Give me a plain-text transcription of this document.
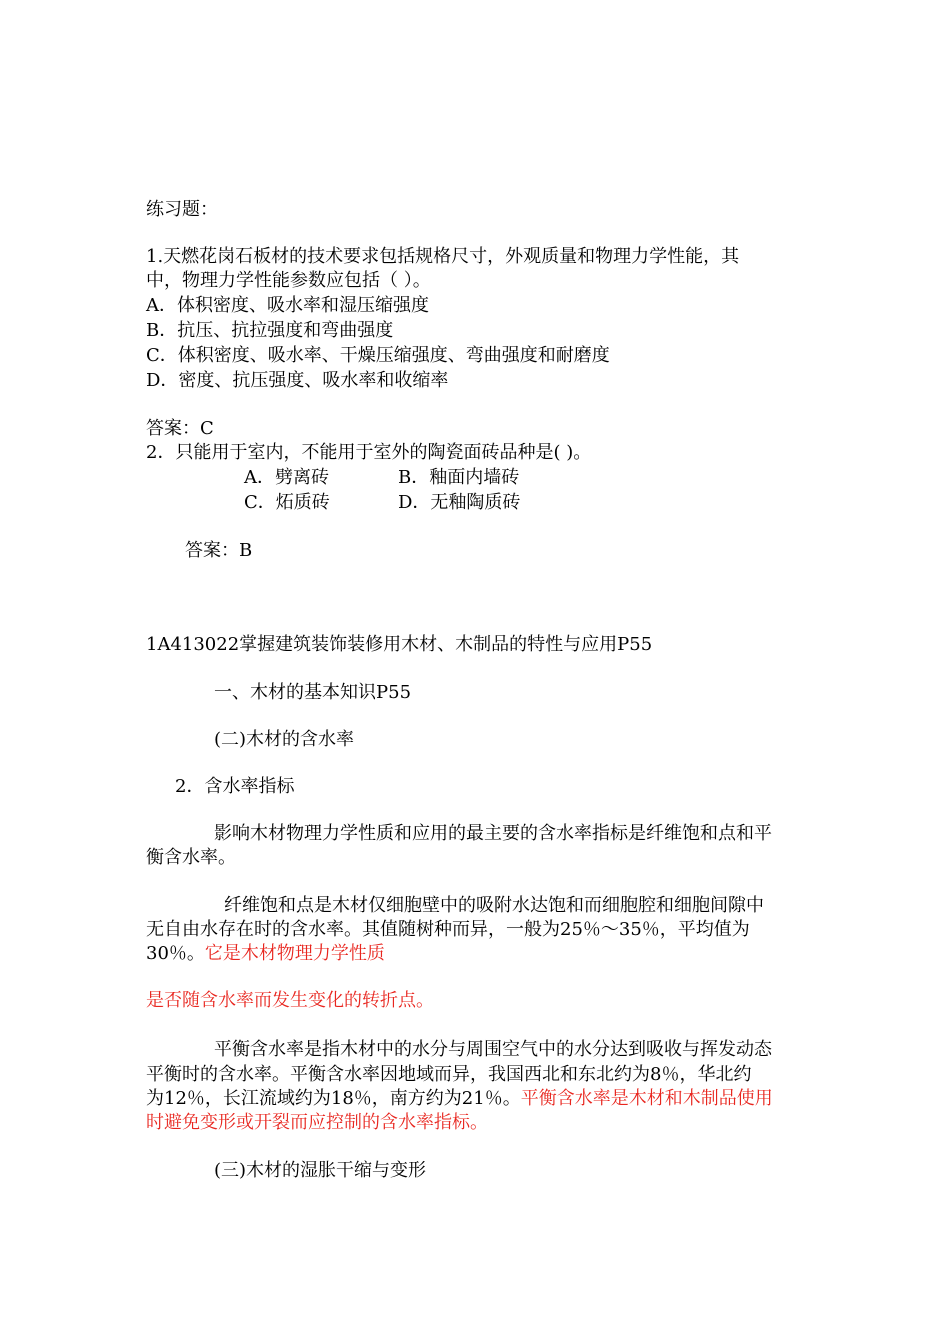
练习题：

1.天燃花岗石板材的技术要求包括规格尺寸，外观质量和物理力学性能，其

中，物理力学性能参数应包括（ ）。

A．体积密度、吸水率和湿压缩强度

B．抗压、抗拉强度和弯曲强度

C．体积密度、吸水率、干燥压缩强度、弯曲强度和耐磨度

D．密度、抗压强度、吸水率和收缩率

答案：C

2．只能用于室内，不能用于室外的陶瓷面砖品种是( )。

A．劈离砖	B．釉面内墙砖

C．炻质砖	D．无釉陶质砖

答案：B

1A413022掌握建筑装饰装修用木材、木制品的特性与应用P55

一、木材的基本知识P55

(二)木材的含水率

2．含水率指标

影响木材物理力学性质和应用的最主要的含水率指标是纤维饱和点和平

衡含水率。

纤维饱和点是木材仅细胞壁中的吸附水达饱和而细胞腔和细胞间隙中

无自由水存在时的含水率。其值随树种而异，一般为25％～35％，平均值为

30％。它是木材物理力学性质

是否随含水率而发生变化的转折点。

平衡含水率是指木材中的水分与周围空气中的水分达到吸收与挥发动态

平衡时的含水率。平衡含水率因地域而异，我国西北和东北约为8％，华北约

为12％，长江流域约为18％，南方约为21％。平衡含水率是木材和木制品使用

时避免变形或开裂而应控制的含水率指标。

(三)木材的湿胀干缩与变形
